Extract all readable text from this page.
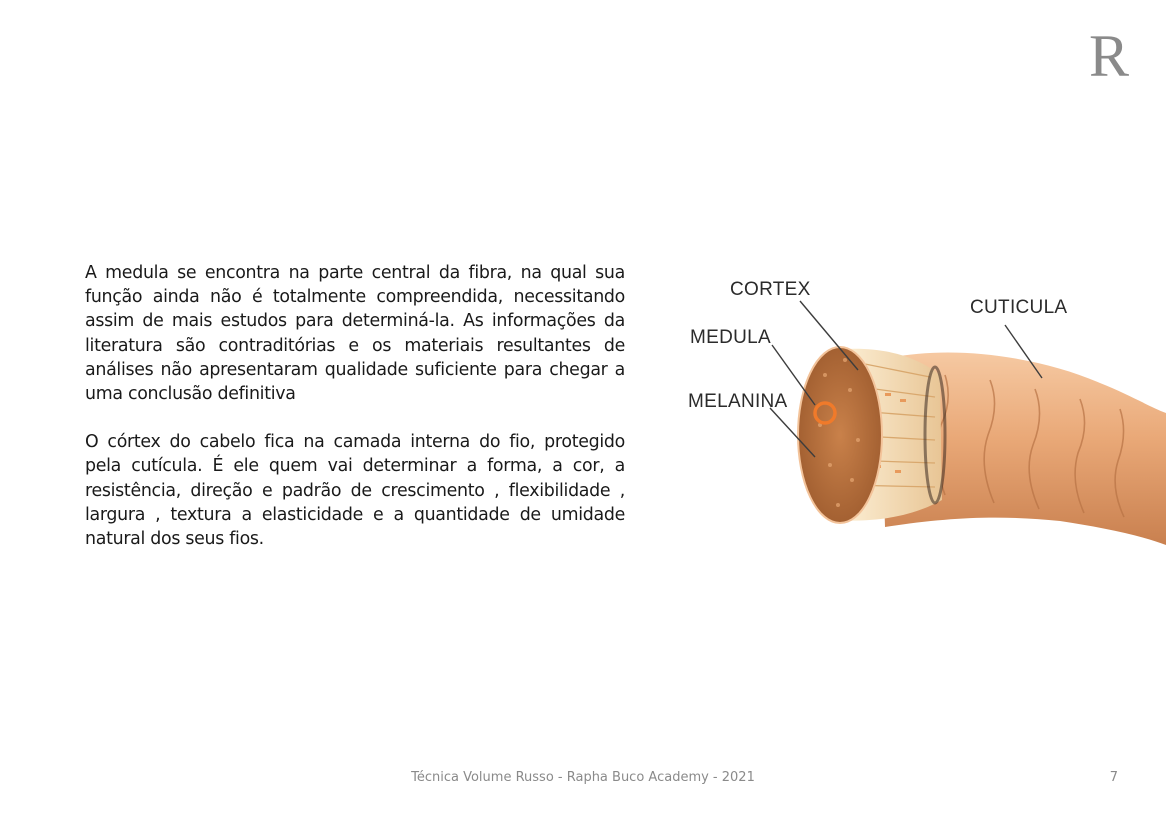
R

A medula se encontra na parte central da fibra, na qual sua função ainda não é totalmente compreendida, necessitando assim de mais estudos para determiná-la. As informações da literatura são contraditórias e os materiais resultantes de análises não apresentaram qualidade suficiente para chegar a uma conclusão definitiva

O córtex do cabelo fica na camada interna do fio, protegido pela cutícula. É ele quem vai determinar a forma, a cor, a resistência, direção e padrão de crescimento , flexibilidade , largura , textura a elasticidade e a quantidade de umidade natural dos seus fios.

CORTEX
MEDULA
MELANINA
CUTICULA
Técnica Volume Russo - Rapha Buco Academy - 2021	7
